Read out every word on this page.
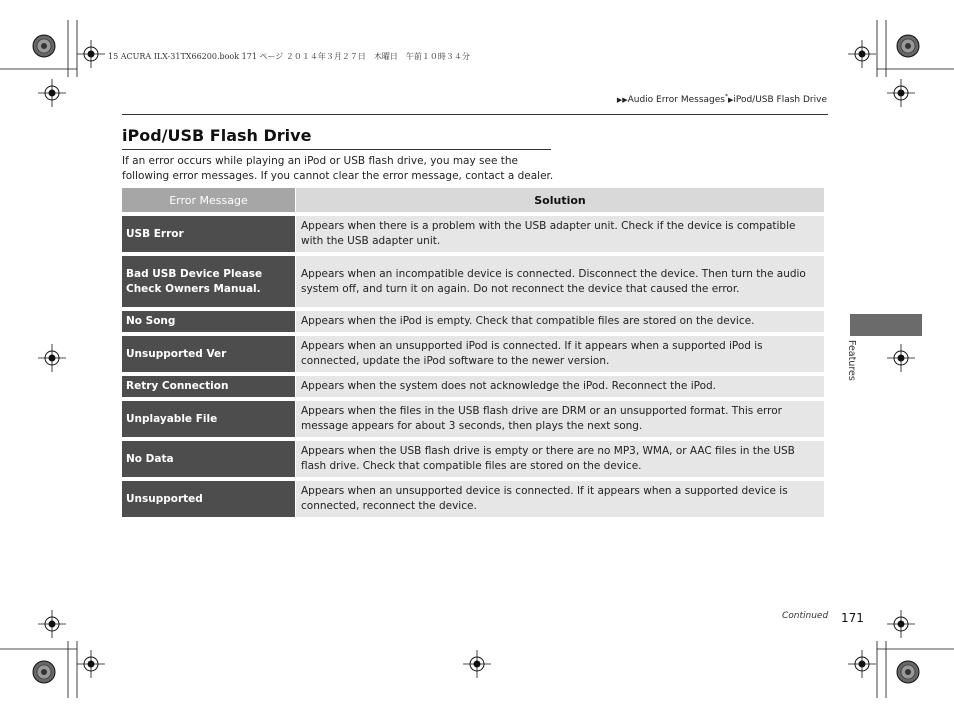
15 ACURA ILX-31TX66200.book 171 ページ ２０１４年３月２７日　木曜日　午前１０時３４分
▶▶Audio Error Messages*▶iPod/USB Flash Drive
iPod/USB Flash Drive
If an error occurs while playing an iPod or USB flash drive, you may see the following error messages. If you cannot clear the error message, contact a dealer.
Error Message	Solution
USB Error	Appears when there is a problem with the USB adapter unit. Check if the device is compatible with the USB adapter unit.
Bad USB Device Please Check Owners Manual.	Appears when an incompatible device is connected. Disconnect the device. Then turn the audio system off, and turn it on again. Do not reconnect the device that caused the error.
No Song	Appears when the iPod is empty. Check that compatible files are stored on the device.
Unsupported Ver	Appears when an unsupported iPod is connected. If it appears when a supported iPod is connected, update the iPod software to the newer version.
Retry Connection	Appears when the system does not acknowledge the iPod. Reconnect the iPod.
Unplayable File	Appears when the files in the USB flash drive are DRM or an unsupported format. This error message appears for about 3 seconds, then plays the next song.
No Data	Appears when the USB flash drive is empty or there are no MP3, WMA, or AAC files in the USB flash drive. Check that compatible files are stored on the device.
Unsupported	Appears when an unsupported device is connected. If it appears when a supported device is connected, reconnect the device.
Features
Continued 171
